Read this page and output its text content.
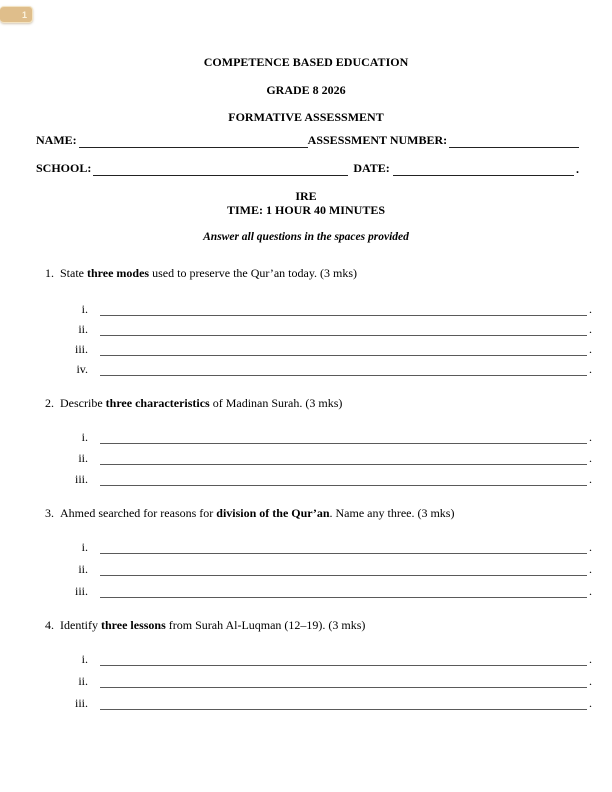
1
COMPETENCE BASED EDUCATION
GRADE 8 2026
FORMATIVE ASSESSMENT
NAME:	ASSESSMENT NUMBER:
SCHOOL:	DATE:	.
IRE
TIME: 1 HOUR 40 MINUTES
Answer all questions in the spaces provided
1. State three modes used to preserve the Qur’an today. (3 mks)
i.	.
ii.	.
iii.	.
iv.	.
2. Describe three characteristics of Madinan Surah. (3 mks)
i.	.
ii.	.
iii.	.
3. Ahmed searched for reasons for division of the Qur’an. Name any three. (3 mks)
i.	.
ii.	.
iii.	.
4. Identify three lessons from Surah Al-Luqman (12–19). (3 mks)
i.	.
ii.	.
iii.	.
